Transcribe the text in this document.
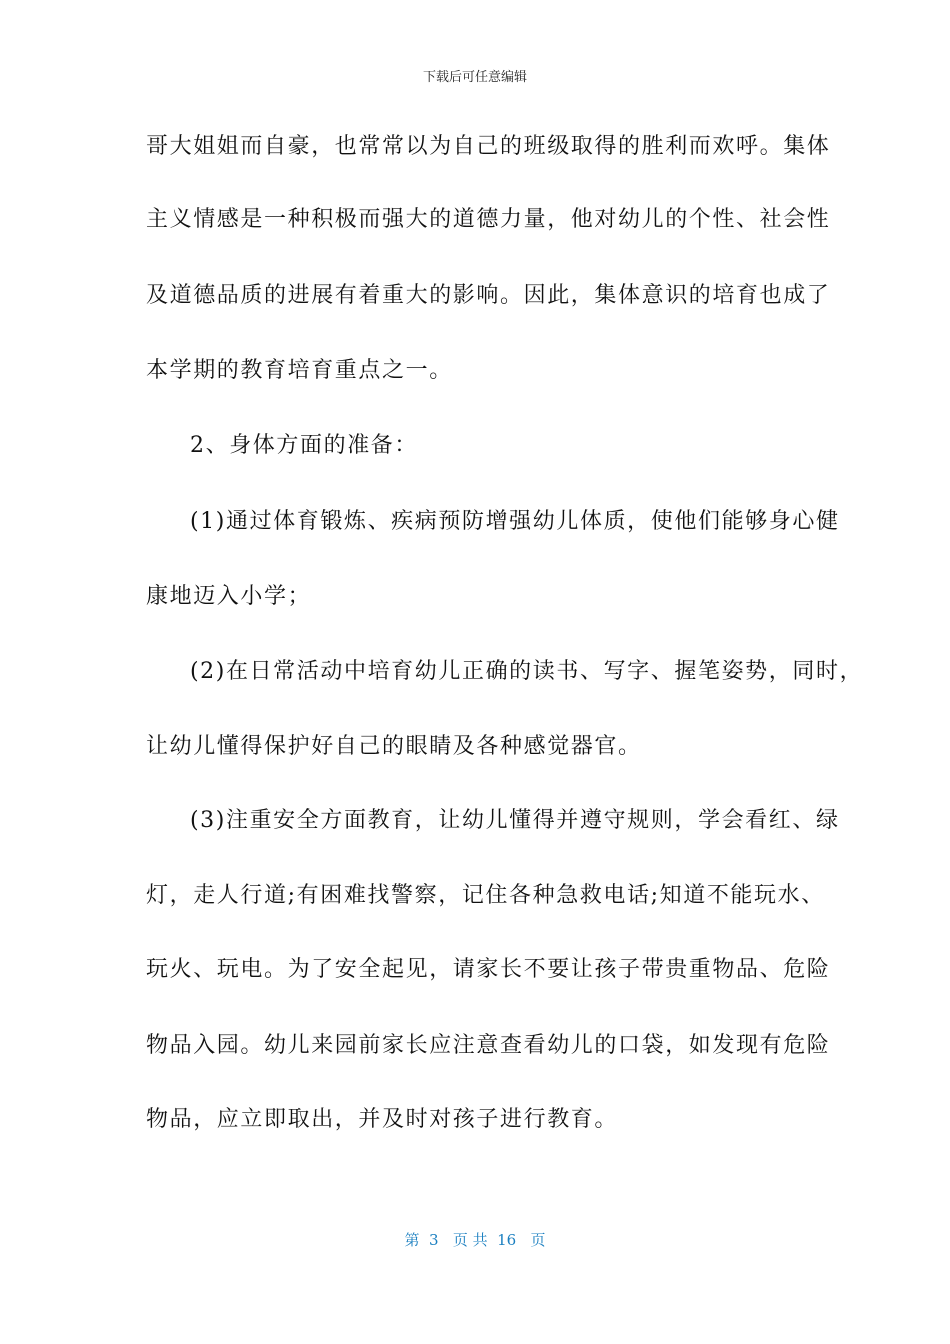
下载后可任意编辑
哥大姐姐而自豪，也常常以为自己的班级取得的胜利而欢呼。集体
主义情感是一种积极而强大的道德力量，他对幼儿的个性、社会性
及道德品质的进展有着重大的影响。因此，集体意识的培育也成了
本学期的教育培育重点之一。
2、身体方面的准备：
(1)通过体育锻炼、疾病预防增强幼儿体质，使他们能够身心健
康地迈入小学；
(2)在日常活动中培育幼儿正确的读书、写字、握笔姿势，同时，
让幼儿懂得保护好自己的眼睛及各种感觉器官。
(3)注重安全方面教育，让幼儿懂得并遵守规则，学会看红、绿
灯，走人行道;有困难找警察，记住各种急救电话;知道不能玩水、
玩火、玩电。为了安全起见，请家长不要让孩子带贵重物品、危险
物品入园。幼儿来园前家长应注意查看幼儿的口袋，如发现有危险
物品，应立即取出，并及时对孩子进行教育。
第  3   页 共  16   页
